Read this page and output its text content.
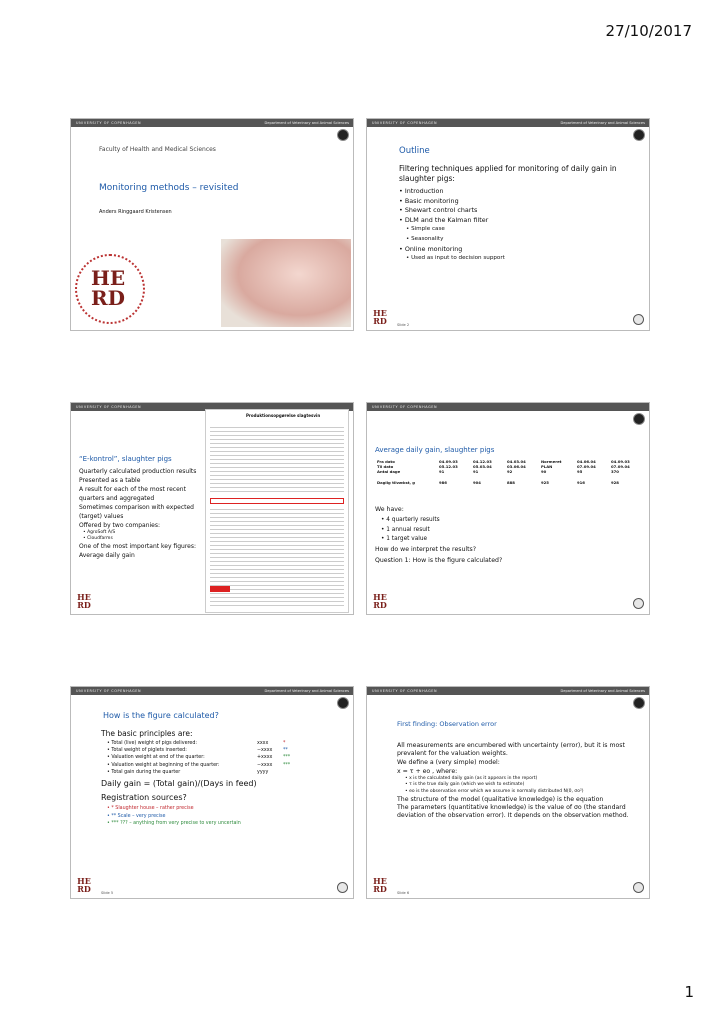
27/10/2017
UNIVERSITY OF COPENHAGEN	Department of Veterinary and Animal Sciences
Faculty of Health and Medical Sciences
Monitoring methods – revisited
Anders Ringgaard Kristensen
HE
RD
UNIVERSITY OF COPENHAGEN	Department of Veterinary and Animal Sciences
Outline
Filtering techniques applied for monitoring of daily gain in slaughter pigs:
• Introduction
• Basic monitoring
• Shewart control charts
• DLM and the Kalman filter
• Simple case
• Seasonality
• Online monitoring
• Used as input to decision support
HE
RD	Slide 2
UNIVERSITY OF COPENHAGEN
“E-kontrol”, slaughter pigs
Quarterly calculated production results
Presented as a table
A result for each of the most recent quarters and aggregated
Sometimes comparison with expected (target) values
Offered by two companies:
• AgroSoft A/S
• Cloudfarms
One of the most important key figures: Average daily gain
Produktionsopgørelse slagtesvin
HE
RD
UNIVERSITY OF COPENHAGEN
Average daily gain, slaughter pigs
Fra dato	04.09.03	04.12.03	04.03.04	Normeret	04.06.04	04.09.03
Til dato	05.12.03	05.03.04	03.06.04	PLAN	07.09.04	07.09.04
Antal dage	91	91	92	90	95	370
Daglig tilvækst, g	986	904	888	925	916	928
We have:
• 4 quarterly results
• 1 annual result
• 1 target value
How do we interpret the results?
Question 1: How is the figure calculated?
HE
RD
UNIVERSITY OF COPENHAGEN	Department of Veterinary and Animal Sciences
How is the figure calculated?
The basic principles are:
• Total (live) weight of pigs delivered:	xxxx	*
• Total weight of piglets inserted:	−xxxx	**
• Valuation weight at end of the quarter:	+xxxx	***
• Valuation weight at beginning of the quarter:	−xxxx	***
• Total gain during the quarter	yyyy
Daily gain = (Total gain)/(Days in feed)
Registration sources?
• * Slaughter house – rather precise
• ** Scale – very precise
• *** ??? – anything from very precise to very uncertain
HE
RD	Slide 5
UNIVERSITY OF COPENHAGEN	Department of Veterinary and Animal Sciences
First finding: Observation error
All measurements are encumbered with uncertainty (error), but it is most prevalent for the valuation weights.
We define a (very simple) model:
x = τ + eo , where:
• x is the calculated daily gain (as it appears in the report)
• τ is the true daily gain (which we wish to estimate)
• eo is the observation error which we assume is normally distributed N(0, σo²)
The structure of the model (qualitative knowledge) is the equation
The parameters (quantitative knowledge) is the value of σo (the standard deviation of the observation error). It depends on the observation method.
HE
RD	Slide 6
1
